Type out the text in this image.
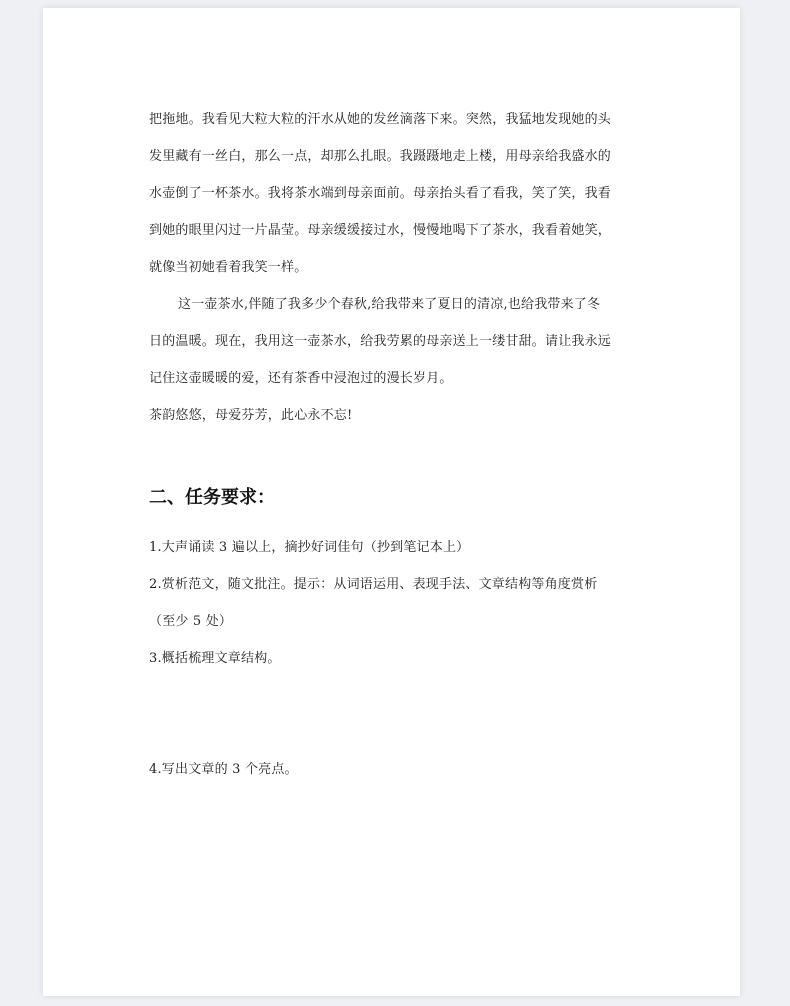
把拖地。我看见大粒大粒的汗水从她的发丝滴落下来。突然，我猛地发现她的头
发里藏有一丝白，那么一点，却那么扎眼。我蹑蹑地走上楼，用母亲给我盛水的
水壶倒了一杯茶水。我将茶水端到母亲面前。母亲抬头看了看我，笑了笑，我看
到她的眼里闪过一片晶莹。母亲缓缓接过水，慢慢地喝下了茶水，我看着她笑，
就像当初她看着我笑一样。
这一壶茶水,伴随了我多少个春秋,给我带来了夏日的清凉,也给我带来了冬
日的温暖。现在，我用这一壶茶水，给我劳累的母亲送上一缕甘甜。请让我永远
记住这壶暖暖的爱，还有茶香中浸泡过的漫长岁月。
茶韵悠悠，母爱芬芳，此心永不忘!
二、任务要求：
1.大声诵读 3 遍以上，摘抄好词佳句（抄到笔记本上）
2.赏析范文，随文批注。提示：从词语运用、表现手法、文章结构等角度赏析
（至少 5 处）
3.概括梳理文章结构。
4.写出文章的 3 个亮点。
